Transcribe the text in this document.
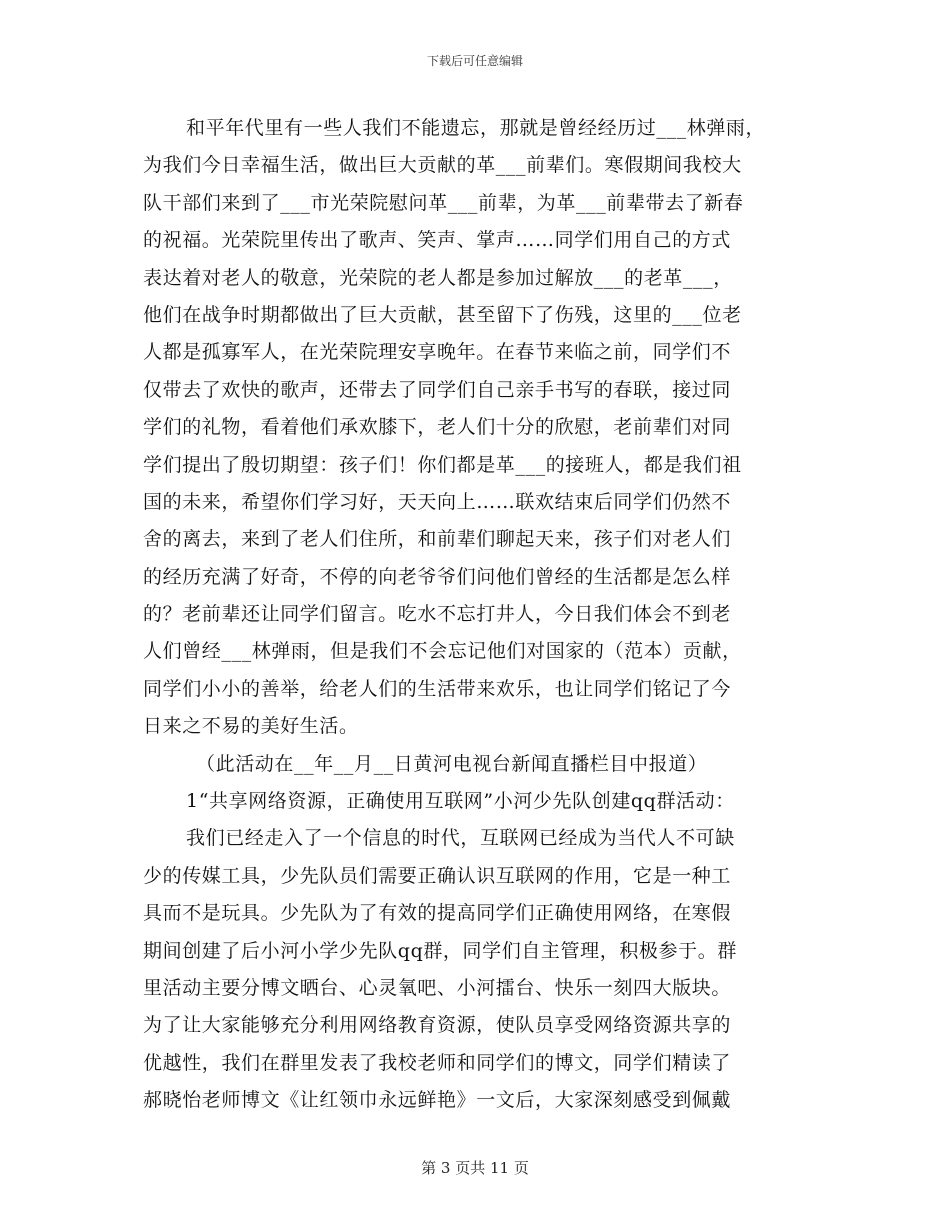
下载后可任意编辑
和平年代里有一些人我们不能遗忘，那就是曾经经历过___林弹雨，
为我们今日幸福生活，做出巨大贡献的革___前辈们。寒假期间我校大
队干部们来到了___市光荣院慰问革___前辈，为革___前辈带去了新春
的祝福。光荣院里传出了歌声、笑声、掌声……同学们用自己的方式
表达着对老人的敬意，光荣院的老人都是参加过解放___的老革___，
他们在战争时期都做出了巨大贡献，甚至留下了伤残，这里的___位老
人都是孤寡军人，在光荣院理安享晚年。在春节来临之前，同学们不
仅带去了欢快的歌声，还带去了同学们自己亲手书写的春联，接过同
学们的礼物，看着他们承欢膝下，老人们十分的欣慰，老前辈们对同
学们提出了殷切期望：孩子们！你们都是革___的接班人，都是我们祖
国的未来，希望你们学习好，天天向上……联欢结束后同学们仍然不
舍的离去，来到了老人们住所，和前辈们聊起天来，孩子们对老人们
的经历充满了好奇，不停的向老爷爷们问他们曾经的生活都是怎么样
的？老前辈还让同学们留言。吃水不忘打井人，今日我们体会不到老
人们曾经___林弹雨，但是我们不会忘记他们对国家的（范本）贡献，
同学们小小的善举，给老人们的生活带来欢乐，也让同学们铭记了今
日来之不易的美好生活。
（此活动在__年__月__日黄河电视台新闻直播栏目中报道）
1“共享网络资源，正确使用互联网”小河少先队创建qq群活动：
我们已经走入了一个信息的时代，互联网已经成为当代人不可缺
少的传媒工具，少先队员们需要正确认识互联网的作用，它是一种工
具而不是玩具。少先队为了有效的提高同学们正确使用网络，在寒假
期间创建了后小河小学少先队qq群，同学们自主管理，积极参于。群
里活动主要分博文晒台、心灵氧吧、小河擂台、快乐一刻四大版块。
为了让大家能够充分利用网络教育资源，使队员享受网络资源共享的
优越性，我们在群里发表了我校老师和同学们的博文，同学们精读了
郝晓怡老师博文《让红领巾永远鲜艳》一文后，大家深刻感受到佩戴
第 3 页共 11 页
